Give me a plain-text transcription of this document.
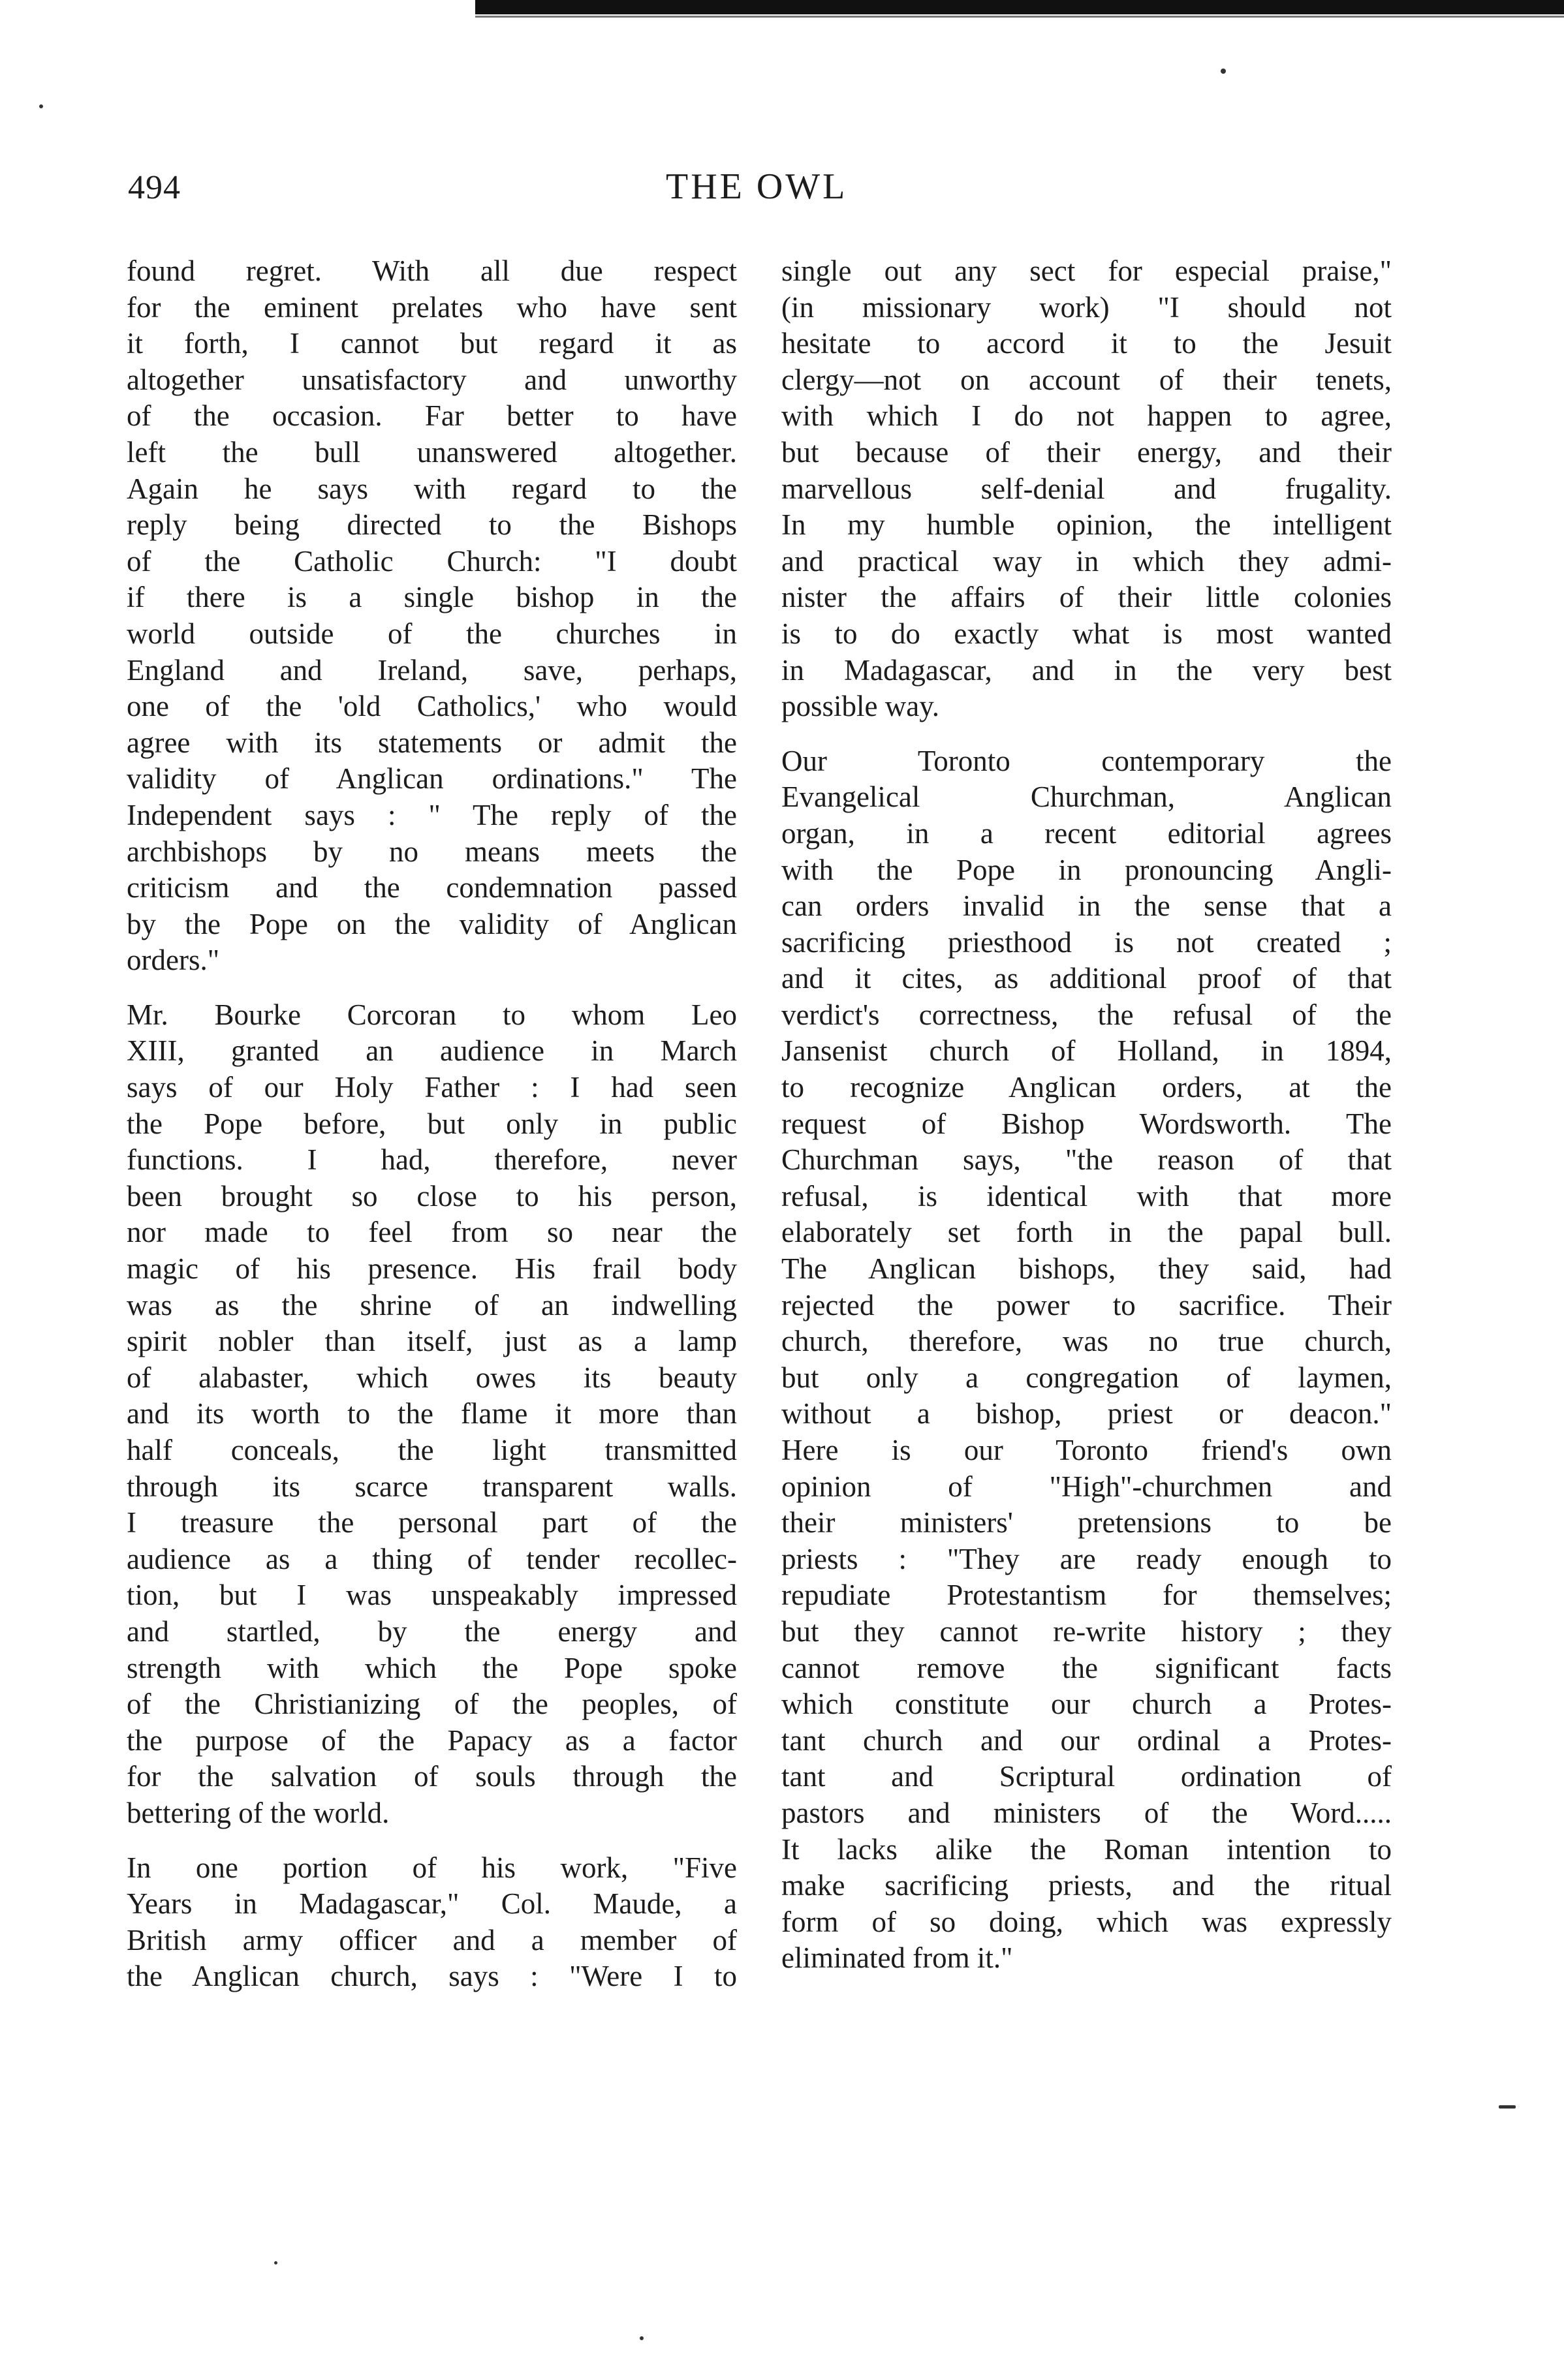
494	THE OWL
found regret. With all due respect
for the eminent prelates who have sent
it forth, I cannot but regard it as
altogether unsatisfactory and unworthy
of the occasion. Far better to have
left the bull unanswered altogether.
Again he says with regard to the
reply being directed to the Bishops
of the Catholic Church: "I doubt
if there is a single bishop in the
world outside of the churches in
England and Ireland, save, perhaps,
one of the 'old Catholics,' who would
agree with its statements or admit the
validity of Anglican ordinations." The
Independent says : " The reply of the
archbishops by no means meets the
criticism and the condemnation passed
by the Pope on the validity of Anglican
orders."
Mr. Bourke Corcoran to whom Leo
XIII, granted an audience in March
says of our Holy Father : I had seen
the Pope before, but only in public
functions. I had, therefore, never
been brought so close to his person,
nor made to feel from so near the
magic of his presence. His frail body
was as the shrine of an indwelling
spirit nobler than itself, just as a lamp
of alabaster, which owes its beauty
and its worth to the flame it more than
half conceals, the light transmitted
through its scarce transparent walls.
I treasure the personal part of the
audience as a thing of tender recollec-
tion, but I was unspeakably impressed
and startled, by the energy and
strength with which the Pope spoke
of the Christianizing of the peoples, of
the purpose of the Papacy as a factor
for the salvation of souls through the
bettering of the world.
In one portion of his work, "Five
Years in Madagascar," Col. Maude, a
British army officer and a member of
the Anglican church, says : "Were I to
single out any sect for especial praise,"
(in missionary work) "I should not
hesitate to accord it to the Jesuit
clergy—not on account of their tenets,
with which I do not happen to agree,
but because of their energy, and their
marvellous self-denial and frugality.
In my humble opinion, the intelligent
and practical way in which they admi-
nister the affairs of their little colonies
is to do exactly what is most wanted
in Madagascar, and in the very best
possible way.
Our Toronto contemporary the
Evangelical Churchman, Anglican
organ, in a recent editorial agrees
with the Pope in pronouncing Angli-
can orders invalid in the sense that a
sacrificing priesthood is not created ;
and it cites, as additional proof of that
verdict's correctness, the refusal of the
Jansenist church of Holland, in 1894,
to recognize Anglican orders, at the
request of Bishop Wordsworth. The
Churchman says, "the reason of that
refusal, is identical with that more
elaborately set forth in the papal bull.
The Anglican bishops, they said, had
rejected the power to sacrifice. Their
church, therefore, was no true church,
but only a congregation of laymen,
without a bishop, priest or deacon."
Here is our Toronto friend's own
opinion of "High"-churchmen and
their ministers' pretensions to be
priests : "They are ready enough to
repudiate Protestantism for themselves;
but they cannot re-write history ; they
cannot remove the significant facts
which constitute our church a Protes-
tant church and our ordinal a Protes-
tant and Scriptural ordination of
pastors and ministers of the Word.....
It lacks alike the Roman intention to
make sacrificing priests, and the ritual
form of so doing, which was expressly
eliminated from it."
